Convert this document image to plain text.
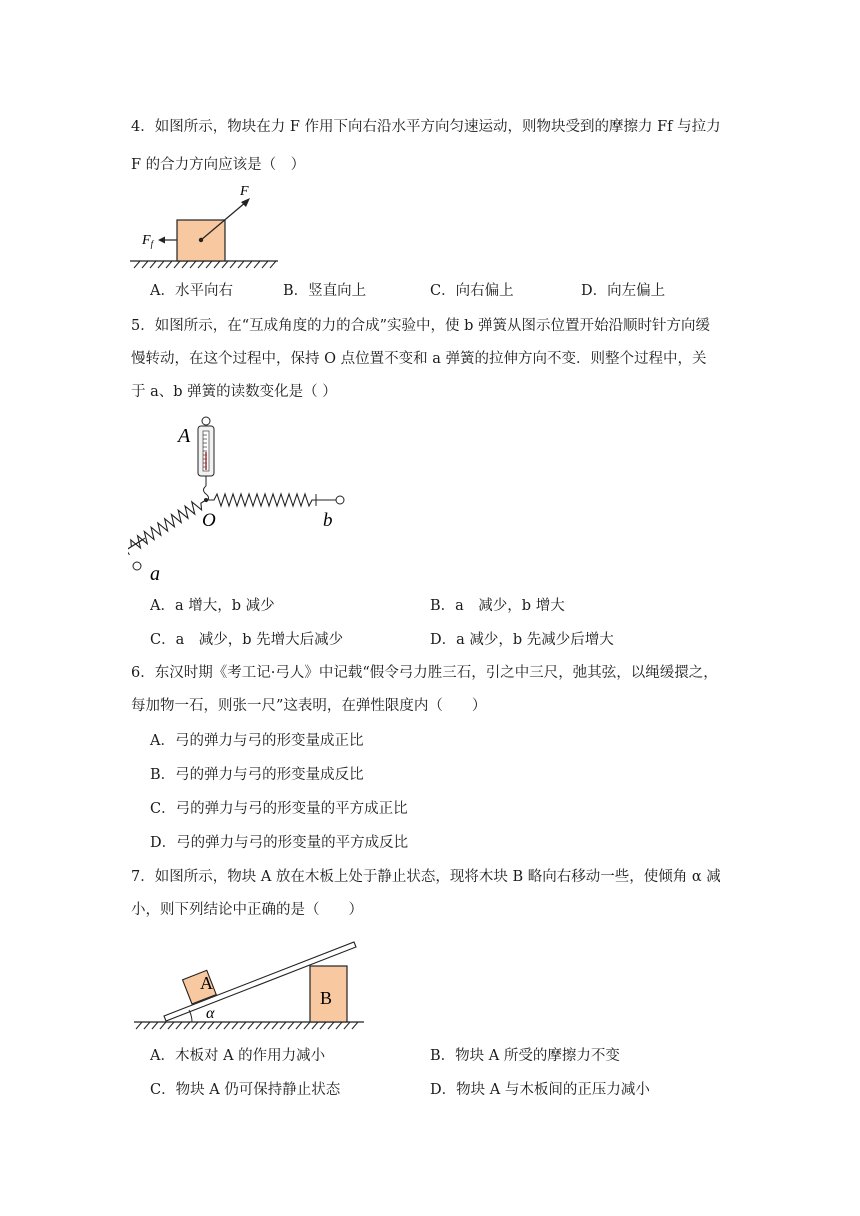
4．如图所示，物块在力 F 作用下向右沿水平方向匀速运动，则物块受到的摩擦力 Ff 与拉力
F 的合力方向应该是（　）
F
$F_f$
A．水平向右	B．竖直向上	C．向右偏上	D．向左偏上
5．如图所示，在“互成角度的力的合成”实验中，使 b 弹簧从图示位置开始沿顺时针方向缓
慢转动，在这个过程中，保持 O 点位置不变和 a 弹簧的拉伸方向不变．则整个过程中，关
于 a、b 弹簧的读数变化是（ ）
A
O	b
a
A．a 增大，b 减少	B．a　减少，b 增大
C．a　减少，b 先增大后减少	D．a 减少，b 先减少后增大
6．东汉时期《考工记·弓人》中记载“假令弓力胜三石，引之中三尺，弛其弦，以绳缓擐之，
每加物一石，则张一尺”这表明，在弹性限度内（　　）
A．弓的弹力与弓的形变量成正比
B．弓的弹力与弓的形变量成反比
C．弓的弹力与弓的形变量的平方成正比
D．弓的弹力与弓的形变量的平方成反比
7．如图所示，物块 A 放在木板上处于静止状态，现将木块 B 略向右移动一些，使倾角 α 减
小，则下列结论中正确的是（　　）
A
B
α
A．木板对 A 的作用力减小	B．物块 A 所受的摩擦力不变
C．物块 A 仍可保持静止状态	D．物块 A 与木板间的正压力减小
